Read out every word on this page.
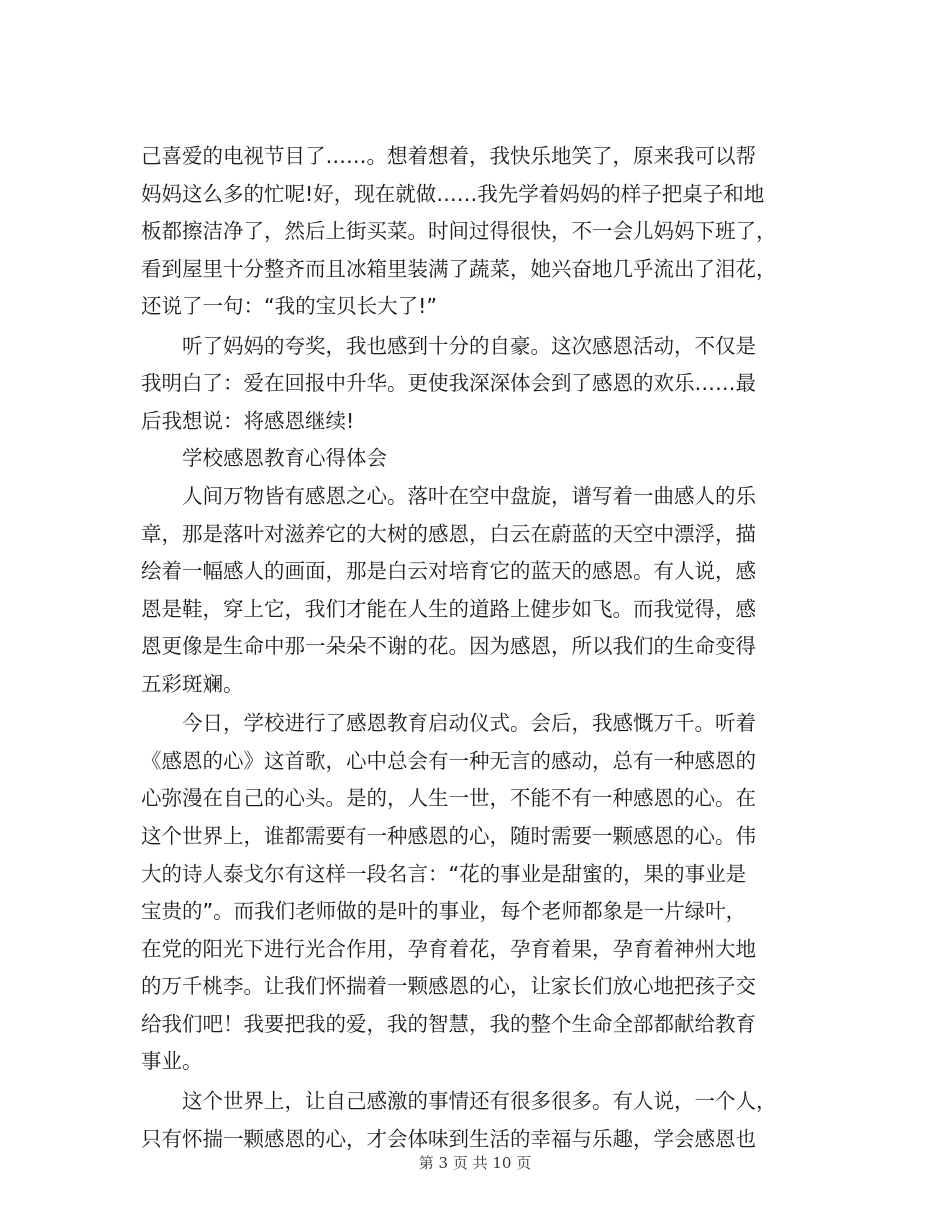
己喜爱的电视节目了……。想着想着，我快乐地笑了，原来我可以帮
妈妈这么多的忙呢!好，现在就做……我先学着妈妈的样子把桌子和地
板都擦洁净了，然后上街买菜。时间过得很快，不一会儿妈妈下班了，
看到屋里十分整齐而且冰箱里装满了蔬菜，她兴奋地几乎流出了泪花，
还说了一句：“我的宝贝长大了!”
　　听了妈妈的夸奖，我也感到十分的自豪。这次感恩活动，不仅是
我明白了：爱在回报中升华。更使我深深体会到了感恩的欢乐……最
后我想说：将感恩继续!
　　学校感恩教育心得体会
　　人间万物皆有感恩之心。落叶在空中盘旋，谱写着一曲感人的乐
章，那是落叶对滋养它的大树的感恩，白云在蔚蓝的天空中漂浮，描
绘着一幅感人的画面，那是白云对培育它的蓝天的感恩。有人说，感
恩是鞋，穿上它，我们才能在人生的道路上健步如飞。而我觉得，感
恩更像是生命中那一朵朵不谢的花。因为感恩，所以我们的生命变得
五彩斑斓。
　　今日，学校进行了感恩教育启动仪式。会后，我感慨万千。听着
《感恩的心》这首歌，心中总会有一种无言的感动，总有一种感恩的
心弥漫在自己的心头。是的，人生一世，不能不有一种感恩的心。在
这个世界上，谁都需要有一种感恩的心，随时需要一颗感恩的心。伟
大的诗人泰戈尔有这样一段名言：“花的事业是甜蜜的，果的事业是
宝贵的”。而我们老师做的是叶的事业，每个老师都象是一片绿叶，
在党的阳光下进行光合作用，孕育着花，孕育着果，孕育着神州大地
的万千桃李。让我们怀揣着一颗感恩的心，让家长们放心地把孩子交
给我们吧！我要把我的爱，我的智慧，我的整个生命全部都献给教育
事业。
　　这个世界上，让自己感激的事情还有很多很多。有人说，一个人，
只有怀揣一颗感恩的心，才会体味到生活的幸福与乐趣，学会感恩也
第 3 页 共 10 页
